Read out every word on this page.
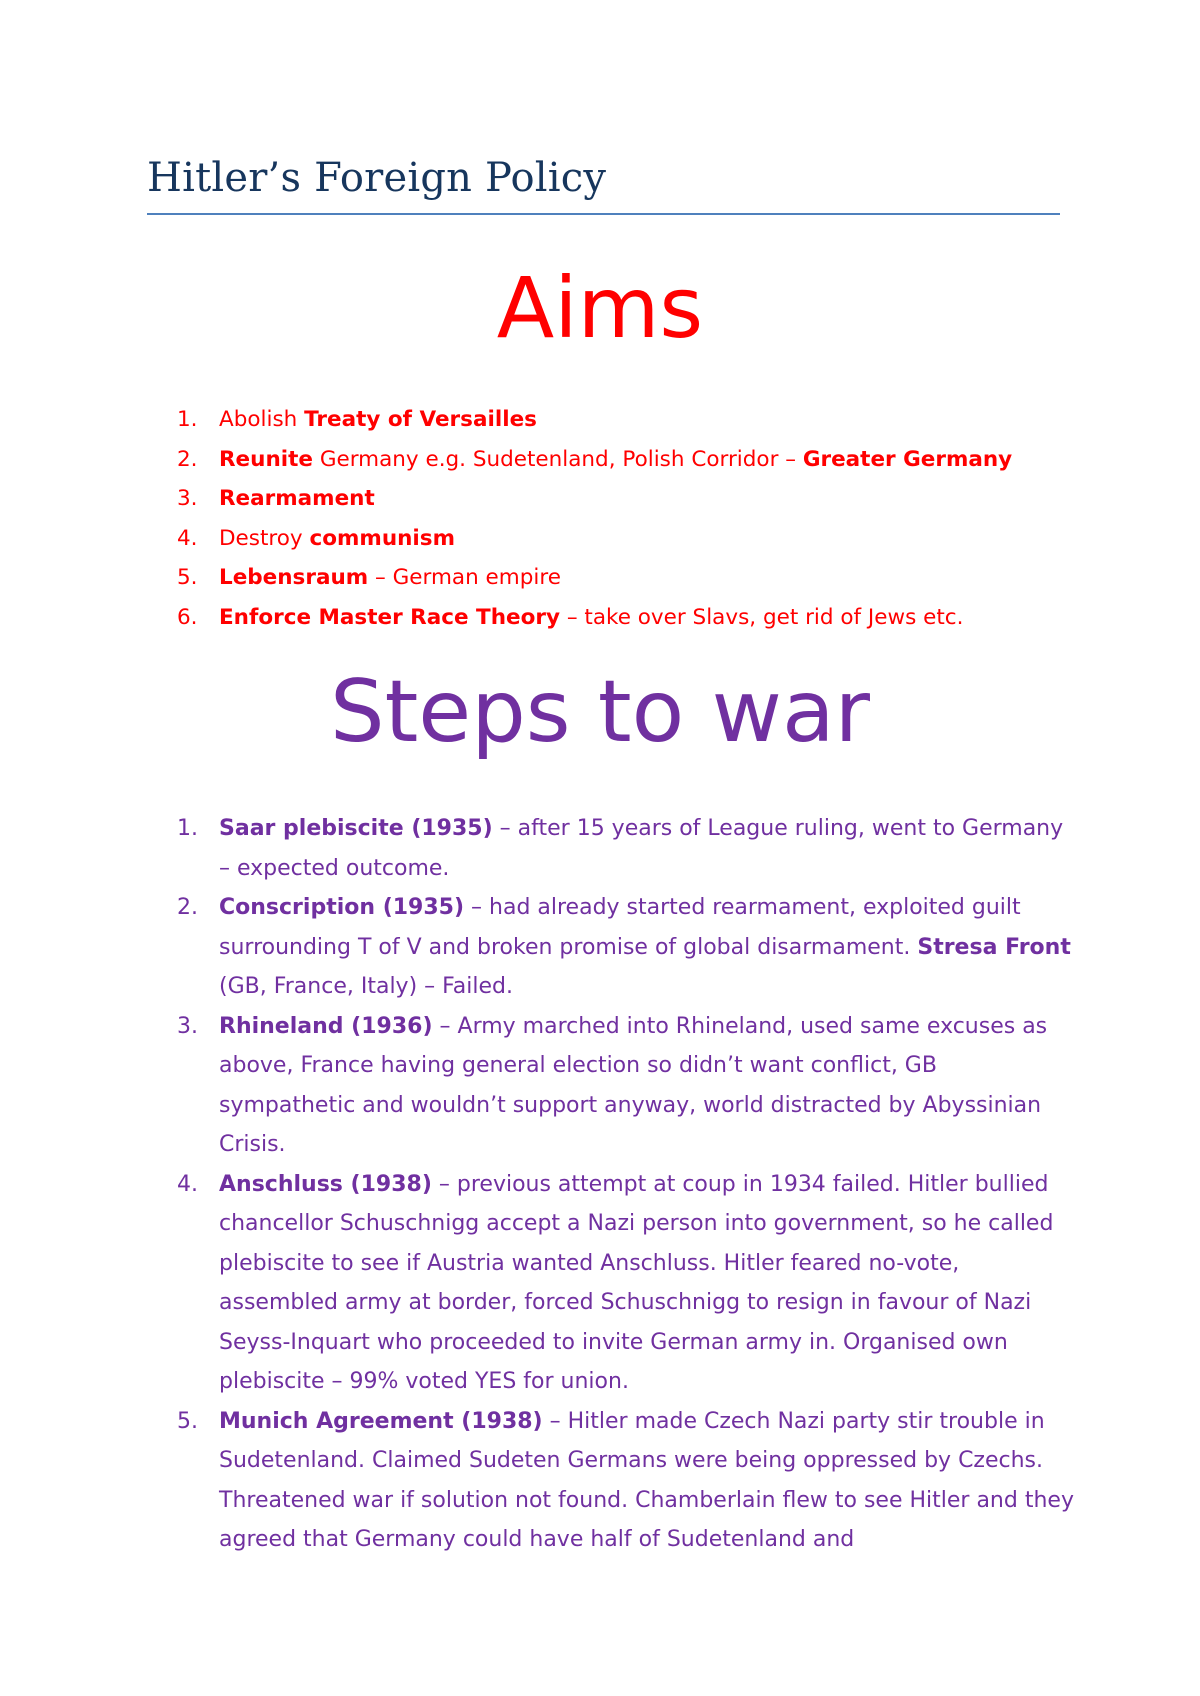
Hitler’s Foreign Policy
Aims
1. Abolish Treaty of Versailles
2. Reunite Germany e.g. Sudetenland, Polish Corridor – Greater Germany
3. Rearmament
4. Destroy communism
5. Lebensraum – German empire
6. Enforce Master Race Theory – take over Slavs, get rid of Jews etc.
Steps to war
1. Saar plebiscite (1935) – after 15 years of League ruling, went to Germany – expected outcome.
2. Conscription (1935) – had already started rearmament, exploited guilt surrounding T of V and broken promise of global disarmament. Stresa Front (GB, France, Italy) – Failed.
3. Rhineland (1936) – Army marched into Rhineland, used same excuses as above, France having general election so didn’t want conflict, GB sympathetic and wouldn’t support anyway, world distracted by Abyssinian Crisis.
4. Anschluss (1938) – previous attempt at coup in 1934 failed. Hitler bullied chancellor Schuschnigg accept a Nazi person into government, so he called plebiscite to see if Austria wanted Anschluss. Hitler feared no-vote, assembled army at border, forced Schuschnigg to resign in favour of Nazi Seyss-Inquart who proceeded to invite German army in. Organised own plebiscite – 99% voted YES for union.
5. Munich Agreement (1938) – Hitler made Czech Nazi party stir trouble in Sudetenland. Claimed Sudeten Germans were being oppressed by Czechs. Threatened war if solution not found. Chamberlain flew to see Hitler and they agreed that Germany could have half of Sudetenland and
